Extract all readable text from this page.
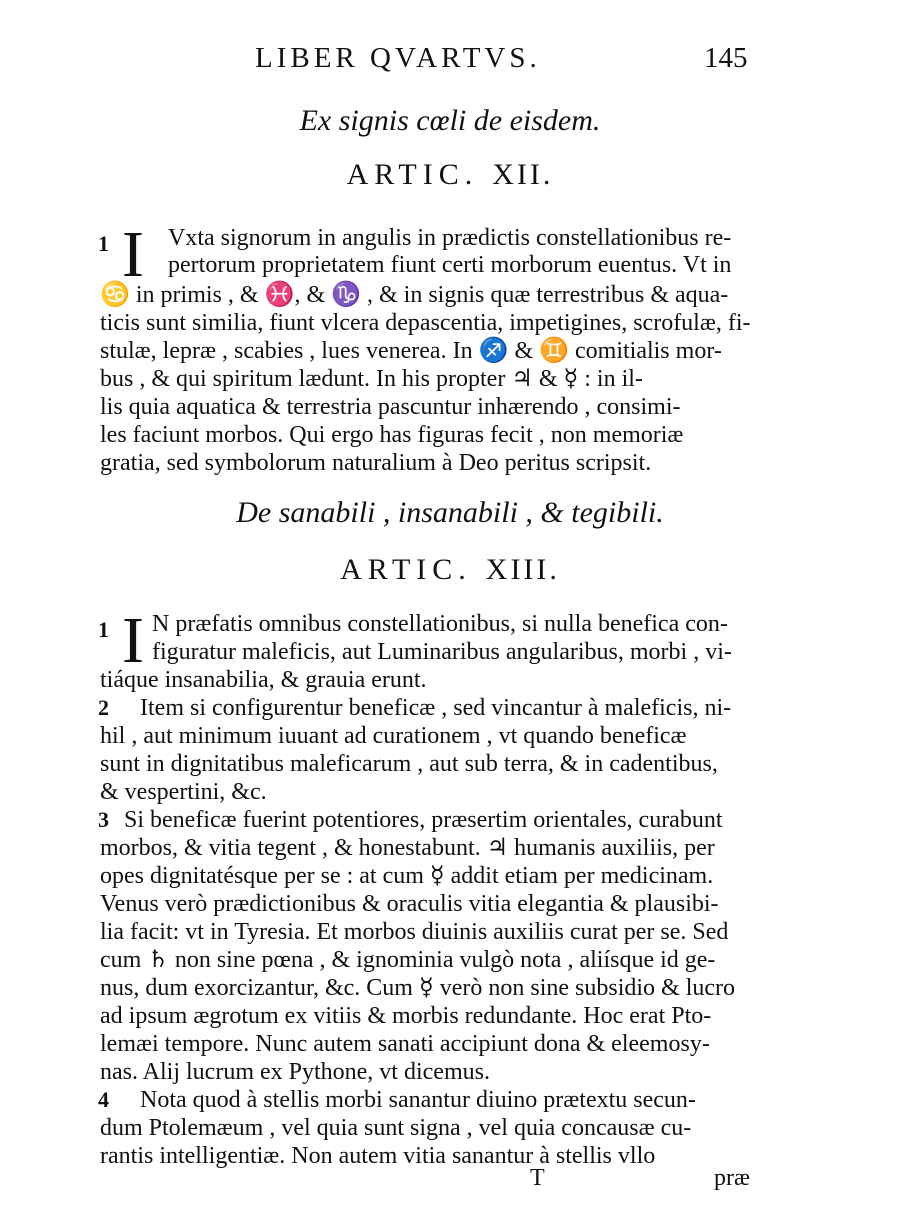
LIBER QVARTVS.	145
Ex signis cœli de eisdem.
ARTIC. XII.
1 I Vxta signorum in angulis in prædictis constellationibus re-
pertorum proprietatem fiunt certi morborum euentus. Vt in
♋ in primis , & ♓, & ♑ , & in signis quæ terrestribus & aqua-
ticis sunt similia, fiunt vlcera depascentia, impetigines, scrofulæ, fi-
stulæ, lepræ , scabies , lues venerea. In ♐ & ♊ comitialis mor-
bus , & qui spiritum lædunt. In his propter ♃ & ☿ : in il-
lis quia aquatica & terrestria pascuntur inhærendo , consimi-
les faciunt morbos. Qui ergo has figuras fecit , non memoriæ
gratia, sed symbolorum naturalium à Deo peritus scripsit.
De sanabili , insanabili , & tegibili.
ARTIC. XIII.
1 I N præfatis omnibus constellationibus, si nulla benefica con-
figuratur maleficis, aut Luminaribus angularibus, morbi , vi-
tiáque insanabilia, & grauia erunt.
2 Item si configurentur beneficæ , sed vincantur à maleficis, ni-
hil , aut minimum iuuant ad curationem , vt quando beneficæ
sunt in dignitatibus maleficarum , aut sub terra, & in cadentibus,
& vespertini, &c.
3 Si beneficæ fuerint potentiores, præsertim orientales, curabunt
morbos, & vitia tegent , & honestabunt. ♃ humanis auxiliis, per
opes dignitatésque per se : at cum ☿ addit etiam per medicinam.
Venus verò prædictionibus & oraculis vitia elegantia & plausibi-
lia facit: vt in Tyresia. Et morbos diuinis auxiliis curat per se. Sed
cum ♄ non sine pœna , & ignominia vulgò nota , aliísque id ge-
nus, dum exorcizantur, &c. Cum ☿ verò non sine subsidio & lucro
ad ipsum ægrotum ex vitiis & morbis redundante. Hoc erat Pto-
lemæi tempore. Nunc autem sanati accipiunt dona & eleemosy-
nas. Alij lucrum ex Pythone, vt dicemus.
4 Nota quod à stellis morbi sanantur diuino prætextu secun-
dum Ptolemæum , vel quia sunt signa , vel quia concausæ cu-
rantis intelligentiæ. Non autem vitia sanantur à stellis vllo
T	præ
